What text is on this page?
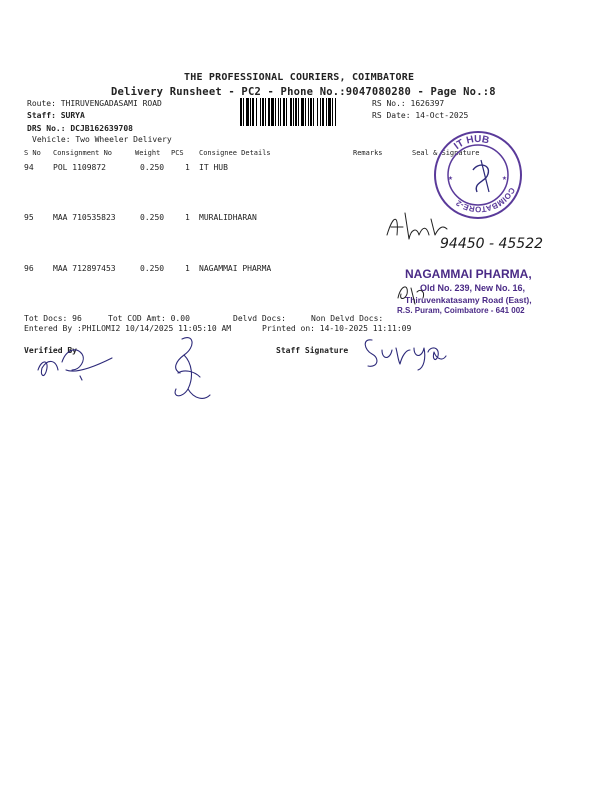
THE PROFESSIONAL COURIERS, COIMBATORE
Delivery Runsheet - PC2 - Phone No.:9047080280 - Page No.:8
Route: THIRUVENGADASAMI ROAD
Staff: SURYA
DRS No.: DCJB162639708
Vehicle: Two Wheeler Delivery
RS No.: 1626397
RS Date: 14-Oct-2025
S No Consignment No	Weight PCS Consignee Details	Remarks	Seal & Signature
94 POL 1109872	0.250	1 IT HUB
95 MAA 710535823	0.250	1 MURALIDHARAN
96 MAA 712897453	0.250	1 NAGAMMAI PHARMA
Tot Docs: 96	Tot COD Amt: 0.00	Delvd Docs:	Non Delvd Docs:
Entered By :PHILOMI2 10/14/2025 11:05:10 AM	Printed on: 14-10-2025 11:11:09
Verified By	Staff Signature
IT HUB
COIMBATORE-2
★	★
94450 - 45522
NAGAMMAI PHARMA,
Old No. 239, New No. 16,
Thiruvenkatasamy Road (East),
R.S. Puram, Coimbatore - 641 002
